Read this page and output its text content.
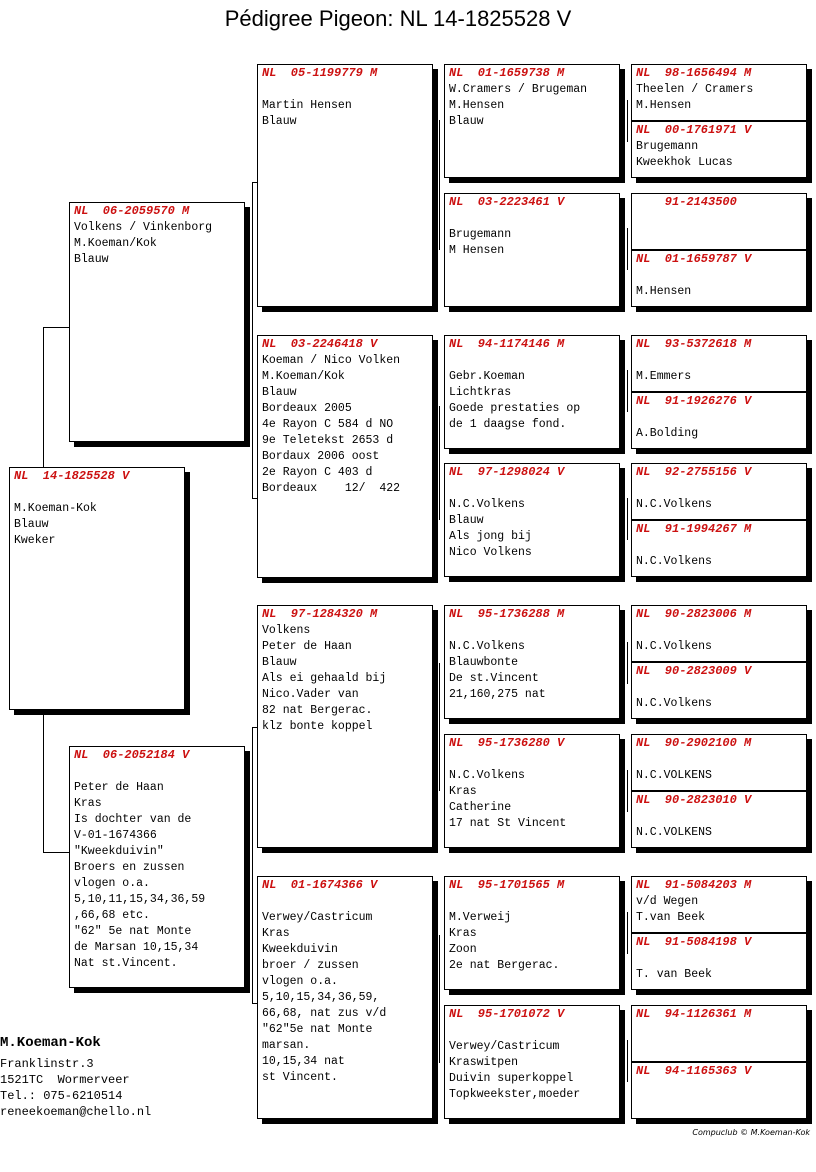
Pédigree Pigeon: NL 14-1825528 V
NL  14-1825528 V
M.Koeman-Kok
Blauw
Kweker
NL  06-2059570 M
Volkens / Vinkenborg
M.Koeman/Kok
Blauw
NL  06-2052184 V
Peter de Haan
Kras
Is dochter van de
V-01-1674366
"Kweekduivin"
Broers en zussen
vlogen o.a.
5,10,11,15,34,36,59
,66,68 etc.
"62" 5e nat Monte
de Marsan 10,15,34
Nat st.Vincent.
NL  05-1199779 M
Martin Hensen
Blauw
NL  03-2246418 V
Koeman / Nico Volken
M.Koeman/Kok
Blauw
Bordeaux 2005
4e Rayon C 584 d NO
9e Teletekst 2653 d
Bordaux 2006 oost
2e Rayon C 403 d
Bordeaux    12/  422
NL  97-1284320 M
Volkens
Peter de Haan
Blauw
Als ei gehaald bij
Nico.Vader van
82 nat Bergerac.
klz bonte koppel
NL  01-1674366 V
Verwey/Castricum
Kras
Kweekduivin
broer / zussen
vlogen o.a.
5,10,15,34,36,59,
66,68, nat zus v/d
"62"5e nat Monte
marsan.
10,15,34 nat
st Vincent.
NL  01-1659738 M
W.Cramers / Brugeman
M.Hensen
Blauw
NL  03-2223461 V
Brugemann
M Hensen
NL  94-1174146 M
Gebr.Koeman
Lichtkras
Goede prestaties op
de 1 daagse fond.
NL  97-1298024 V
N.C.Volkens
Blauw
Als jong bij
Nico Volkens
NL  95-1736288 M
N.C.Volkens
Blauwbonte
De st.Vincent
21,160,275 nat
NL  95-1736280 V
N.C.Volkens
Kras
Catherine
17 nat St Vincent
NL  95-1701565 M
M.Verweij
Kras
Zoon
2e nat Bergerac.
NL  95-1701072 V
Verwey/Castricum
Kraswitpen
Duivin superkoppel
Topkweekster,moeder
NL  98-1656494 M
Theelen / Cramers
M.Hensen
NL  00-1761971 V
Brugemann
Kweekhok Lucas
91-2143500
NL  01-1659787 V
M.Hensen
NL  93-5372618 M
M.Emmers
NL  91-1926276 V
A.Bolding
NL  92-2755156 V
N.C.Volkens
NL  91-1994267 M
N.C.Volkens
NL  90-2823006 M
N.C.Volkens
NL  90-2823009 V
N.C.Volkens
NL  90-2902100 M
N.C.VOLKENS
NL  90-2823010 V
N.C.VOLKENS
NL  91-5084203 M
v/d Wegen
T.van Beek
NL  91-5084198 V
T. van Beek
NL  94-1126361 M
NL  94-1165363 V
M.Koeman-Kok
Franklinstr.3
1521TC  Wormerveer
Tel.: 075-6210514
reneekoeman@chello.nl
Compuclub © M.Koeman-Kok
